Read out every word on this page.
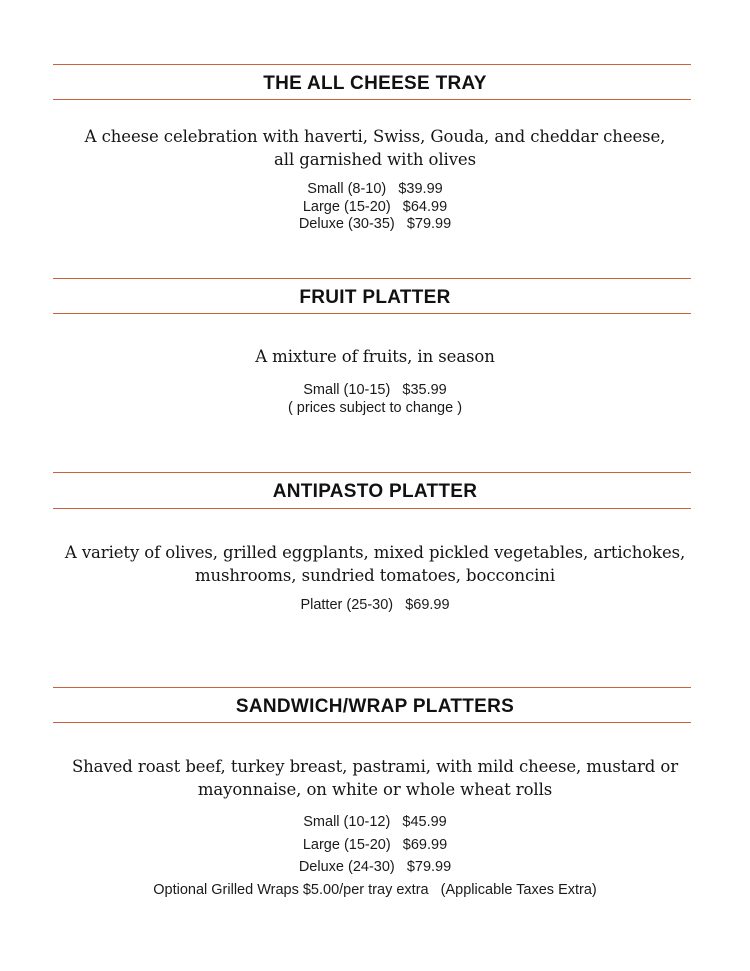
THE ALL CHEESE TRAY
A cheese celebration with haverti, Swiss, Gouda, and cheddar cheese,
all garnished with olives
Small (8-10)   $39.99
Large (15-20)   $64.99
Deluxe (30-35)   $79.99
FRUIT PLATTER
A mixture of fruits, in season
Small (10-15)   $35.99
( prices subject to change )
ANTIPASTO PLATTER
A variety of olives, grilled eggplants, mixed pickled vegetables, artichokes,
mushrooms, sundried tomatoes, bocconcini
Platter (25-30)   $69.99
SANDWICH/WRAP PLATTERS
Shaved roast beef, turkey breast, pastrami, with mild cheese, mustard or
mayonnaise, on white or whole wheat rolls
Small (10-12)   $45.99
Large (15-20)   $69.99
Deluxe (24-30)   $79.99
Optional Grilled Wraps $5.00/per tray extra   (Applicable Taxes Extra)
